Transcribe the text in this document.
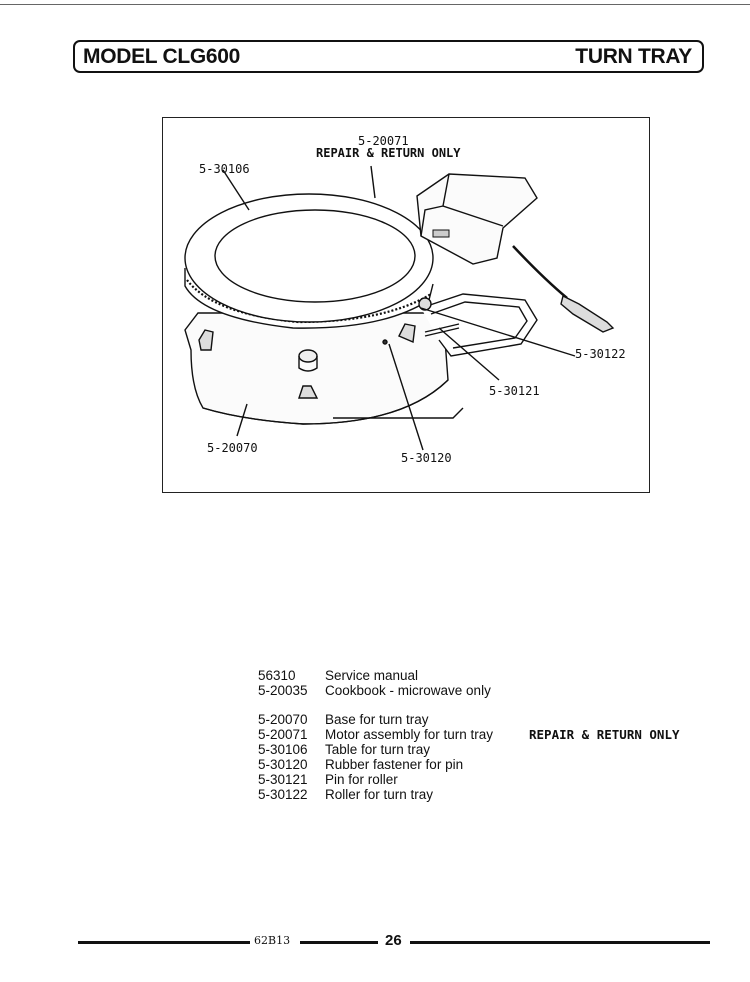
MODEL CLG600	TURN TRAY
5-20071
REPAIR & RETURN ONLY
5-30106
5-30122
5-30121
5-20070
5-30120
56310	Service manual
5-20035	Cookbook - microwave only
5-20070	Base for turn tray
5-20071	Motor assembly for turn tray	REPAIR & RETURN ONLY
5-30106	Table for turn tray
5-30120	Rubber fastener for pin
5-30121	Pin for roller
5-30122	Roller for turn tray
62B13	26
